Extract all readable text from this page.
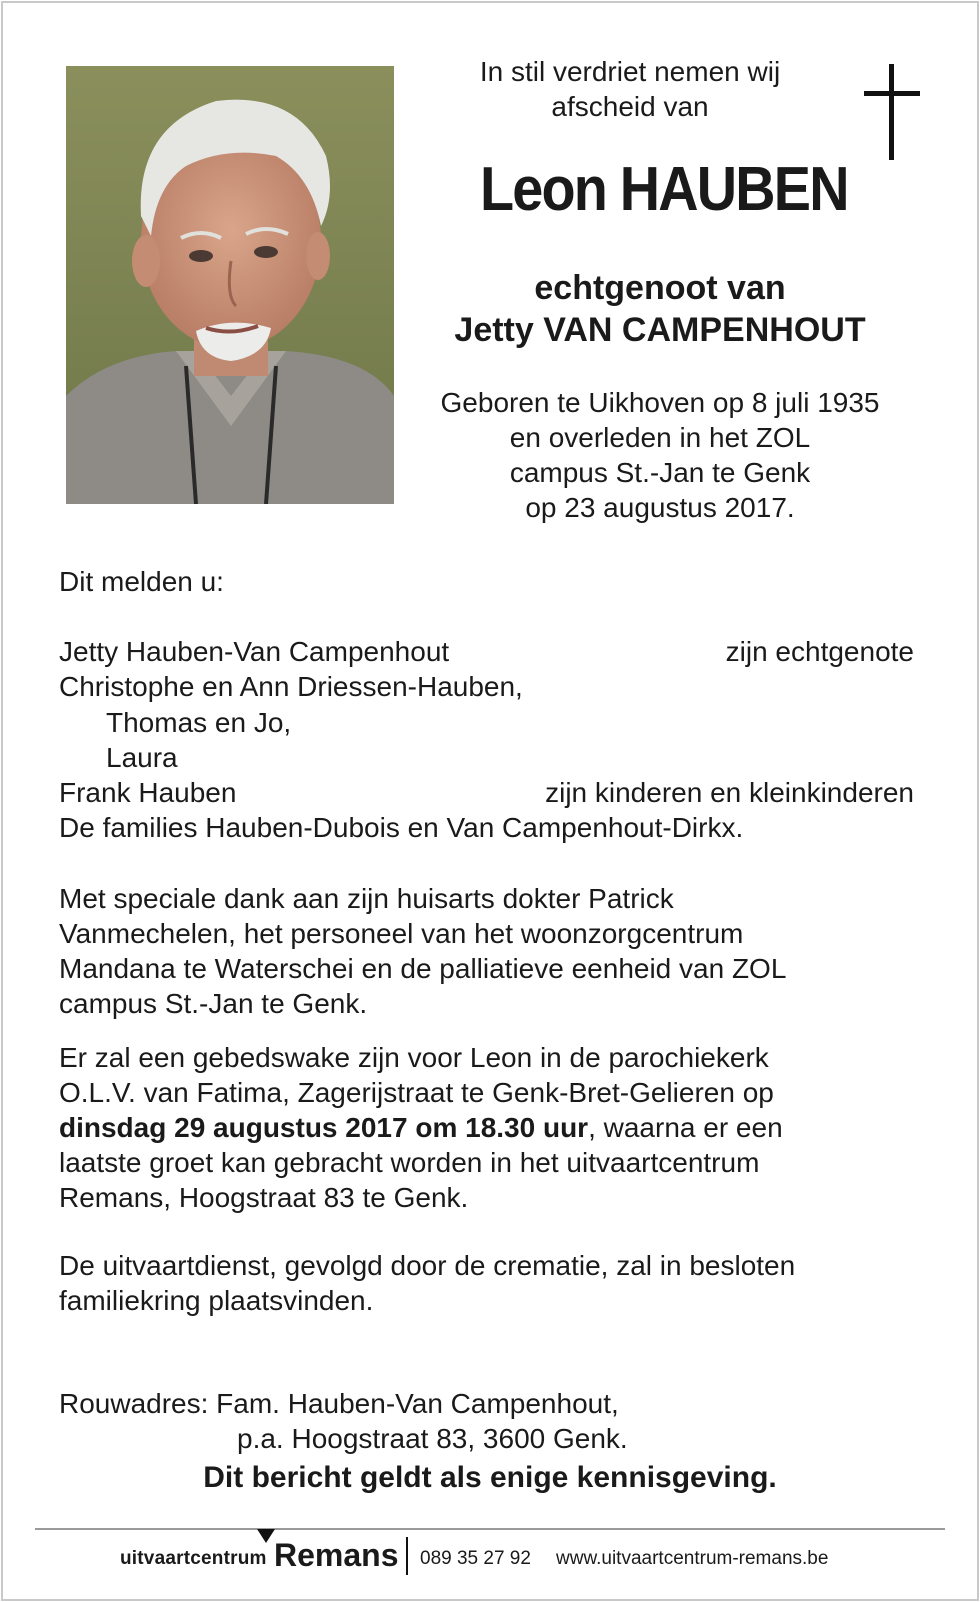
In stil verdriet nemen wij
afscheid van
Leon HAUBEN
echtgenoot van
Jetty VAN CAMPENHOUT
Geboren te Uikhoven op 8 juli 1935
en overleden in het ZOL
campus St.-Jan te Genk
op 23 augustus 2017.
Dit melden u:
Jetty Hauben-Van Campenhout	zijn echtgenote
Christophe en Ann Driessen-Hauben,
Thomas en Jo,
Laura
Frank Hauben	zijn kinderen en kleinkinderen
De families Hauben-Dubois en Van Campenhout-Dirkx.
Met speciale dank aan zijn huisarts dokter Patrick
Vanmechelen, het personeel van het woonzorgcentrum
Mandana te Waterschei en de palliatieve eenheid van ZOL
campus St.-Jan te Genk.
Er zal een gebedswake zijn voor Leon in de parochiekerk
O.L.V. van Fatima, Zagerijstraat te Genk-Bret-Gelieren op
dinsdag 29 augustus 2017 om 18.30 uur, waarna er een
laatste groet kan gebracht worden in het uitvaartcentrum
Remans, Hoogstraat 83 te Genk.
De uitvaartdienst, gevolgd door de crematie, zal in besloten
familiekring plaatsvinden.
Rouwadres: Fam. Hauben-Van Campenhout,
p.a. Hoogstraat 83, 3600 Genk.
Dit bericht geldt als enige kennisgeving.
uitvaartcentrum Remans 089 35 27 92 www.uitvaartcentrum-remans.be
